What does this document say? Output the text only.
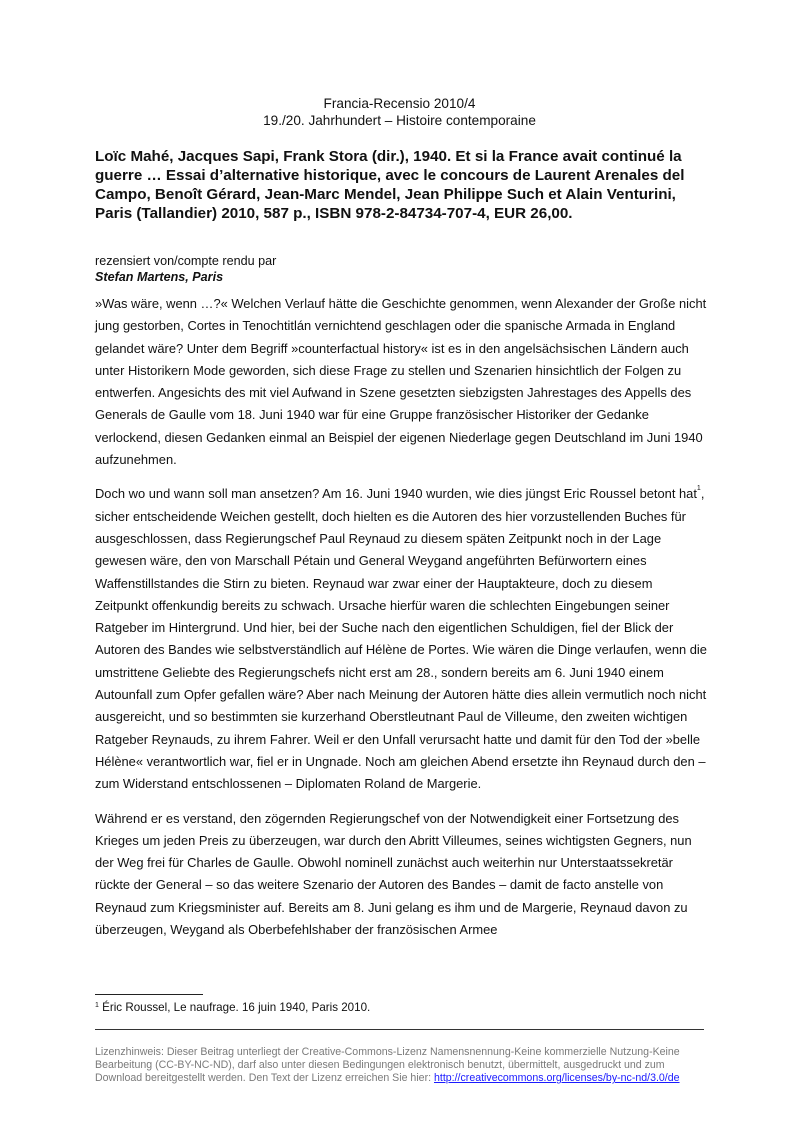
Francia-Recensio 2010/4
19./20. Jahrhundert – Histoire contemporaine
Loïc Mahé, Jacques Sapi, Frank Stora (dir.), 1940. Et si la France avait continué la guerre … Essai d’alternative historique, avec le concours de Laurent Arenales del Campo, Benoît Gérard, Jean-Marc Mendel, Jean Philippe Such et Alain Venturini, Paris (Tallandier) 2010, 587 p., ISBN 978-2-84734-707-4, EUR 26,00.
rezensiert von/compte rendu par
Stefan Martens, Paris

»Was wäre, wenn …?« Welchen Verlauf hätte die Geschichte genommen, wenn Alexander der Große nicht jung gestorben, Cortes in Tenochtitlán vernichtend geschlagen oder die spanische Armada in England gelandet wäre? Unter dem Begriff »counterfactual history« ist es in den angelsächsischen Ländern auch unter Historikern Mode geworden, sich diese Frage zu stellen und Szenarien hinsichtlich der Folgen zu entwerfen. Angesichts des mit viel Aufwand in Szene gesetzten siebzigsten Jahrestages des Appells des Generals de Gaulle vom 18. Juni 1940 war für eine Gruppe französischer Historiker der Gedanke verlockend, diesen Gedanken einmal an Beispiel der eigenen Niederlage gegen Deutschland im Juni 1940 aufzunehmen.

Doch wo und wann soll man ansetzen? Am 16. Juni 1940 wurden, wie dies jüngst Eric Roussel betont hat$^1$, sicher entscheidende Weichen gestellt, doch hielten es die Autoren des hier vorzustellenden Buches für ausgeschlossen, dass Regierungschef Paul Reynaud zu diesem späten Zeitpunkt noch in der Lage gewesen wäre, den von Marschall Pétain und General Weygand angeführten Befürwortern eines Waffenstillstandes die Stirn zu bieten. Reynaud war zwar einer der Hauptakteure, doch zu diesem Zeitpunkt offenkundig bereits zu schwach. Ursache hierfür waren die schlechten Eingebungen seiner Ratgeber im Hintergrund. Und hier, bei der Suche nach den eigentlichen Schuldigen, fiel der Blick der Autoren des Bandes wie selbstverständlich auf Hélène de Portes. Wie wären die Dinge verlaufen, wenn die umstrittene Geliebte des Regierungschefs nicht erst am 28., sondern bereits am 6. Juni 1940 einem Autounfall zum Opfer gefallen wäre? Aber nach Meinung der Autoren hätte dies allein vermutlich noch nicht ausgereicht, und so bestimmten sie kurzerhand Oberstleutnant Paul de Villeume, den zweiten wichtigen Ratgeber Reynauds, zu ihrem Fahrer. Weil er den Unfall verursacht hatte und damit für den Tod der »belle Hélène« verantwortlich war, fiel er in Ungnade. Noch am gleichen Abend ersetzte ihn Reynaud durch den – zum Widerstand entschlossenen – Diplomaten Roland de Margerie.

Während er es verstand, den zögernden Regierungschef von der Notwendigkeit einer Fortsetzung des Krieges um jeden Preis zu überzeugen, war durch den Abritt Villeumes, seines wichtigsten Gegners, nun der Weg frei für Charles de Gaulle. Obwohl nominell zunächst auch weiterhin nur Unterstaatssekretär rückte der General – so das weitere Szenario der Autoren des Bandes – damit de facto anstelle von Reynaud zum Kriegsminister auf. Bereits am 8. Juni gelang es ihm und de Margerie, Reynaud davon zu überzeugen, Weygand als Oberbefehlshaber der französischen Armee

$^1$ Éric Roussel, Le naufrage. 16 juin 1940, Paris 2010.
Lizenzhinweis: Dieser Beitrag unterliegt der Creative-Commons-Lizenz Namensnennung-Keine kommerzielle Nutzung-Keine Bearbeitung (CC-BY-NC-ND), darf also unter diesen Bedingungen elektronisch benutzt, übermittelt, ausgedruckt und zum Download bereitgestellt werden. Den Text der Lizenz erreichen Sie hier: http://creativecommons.org/licenses/by-nc-nd/3.0/de
